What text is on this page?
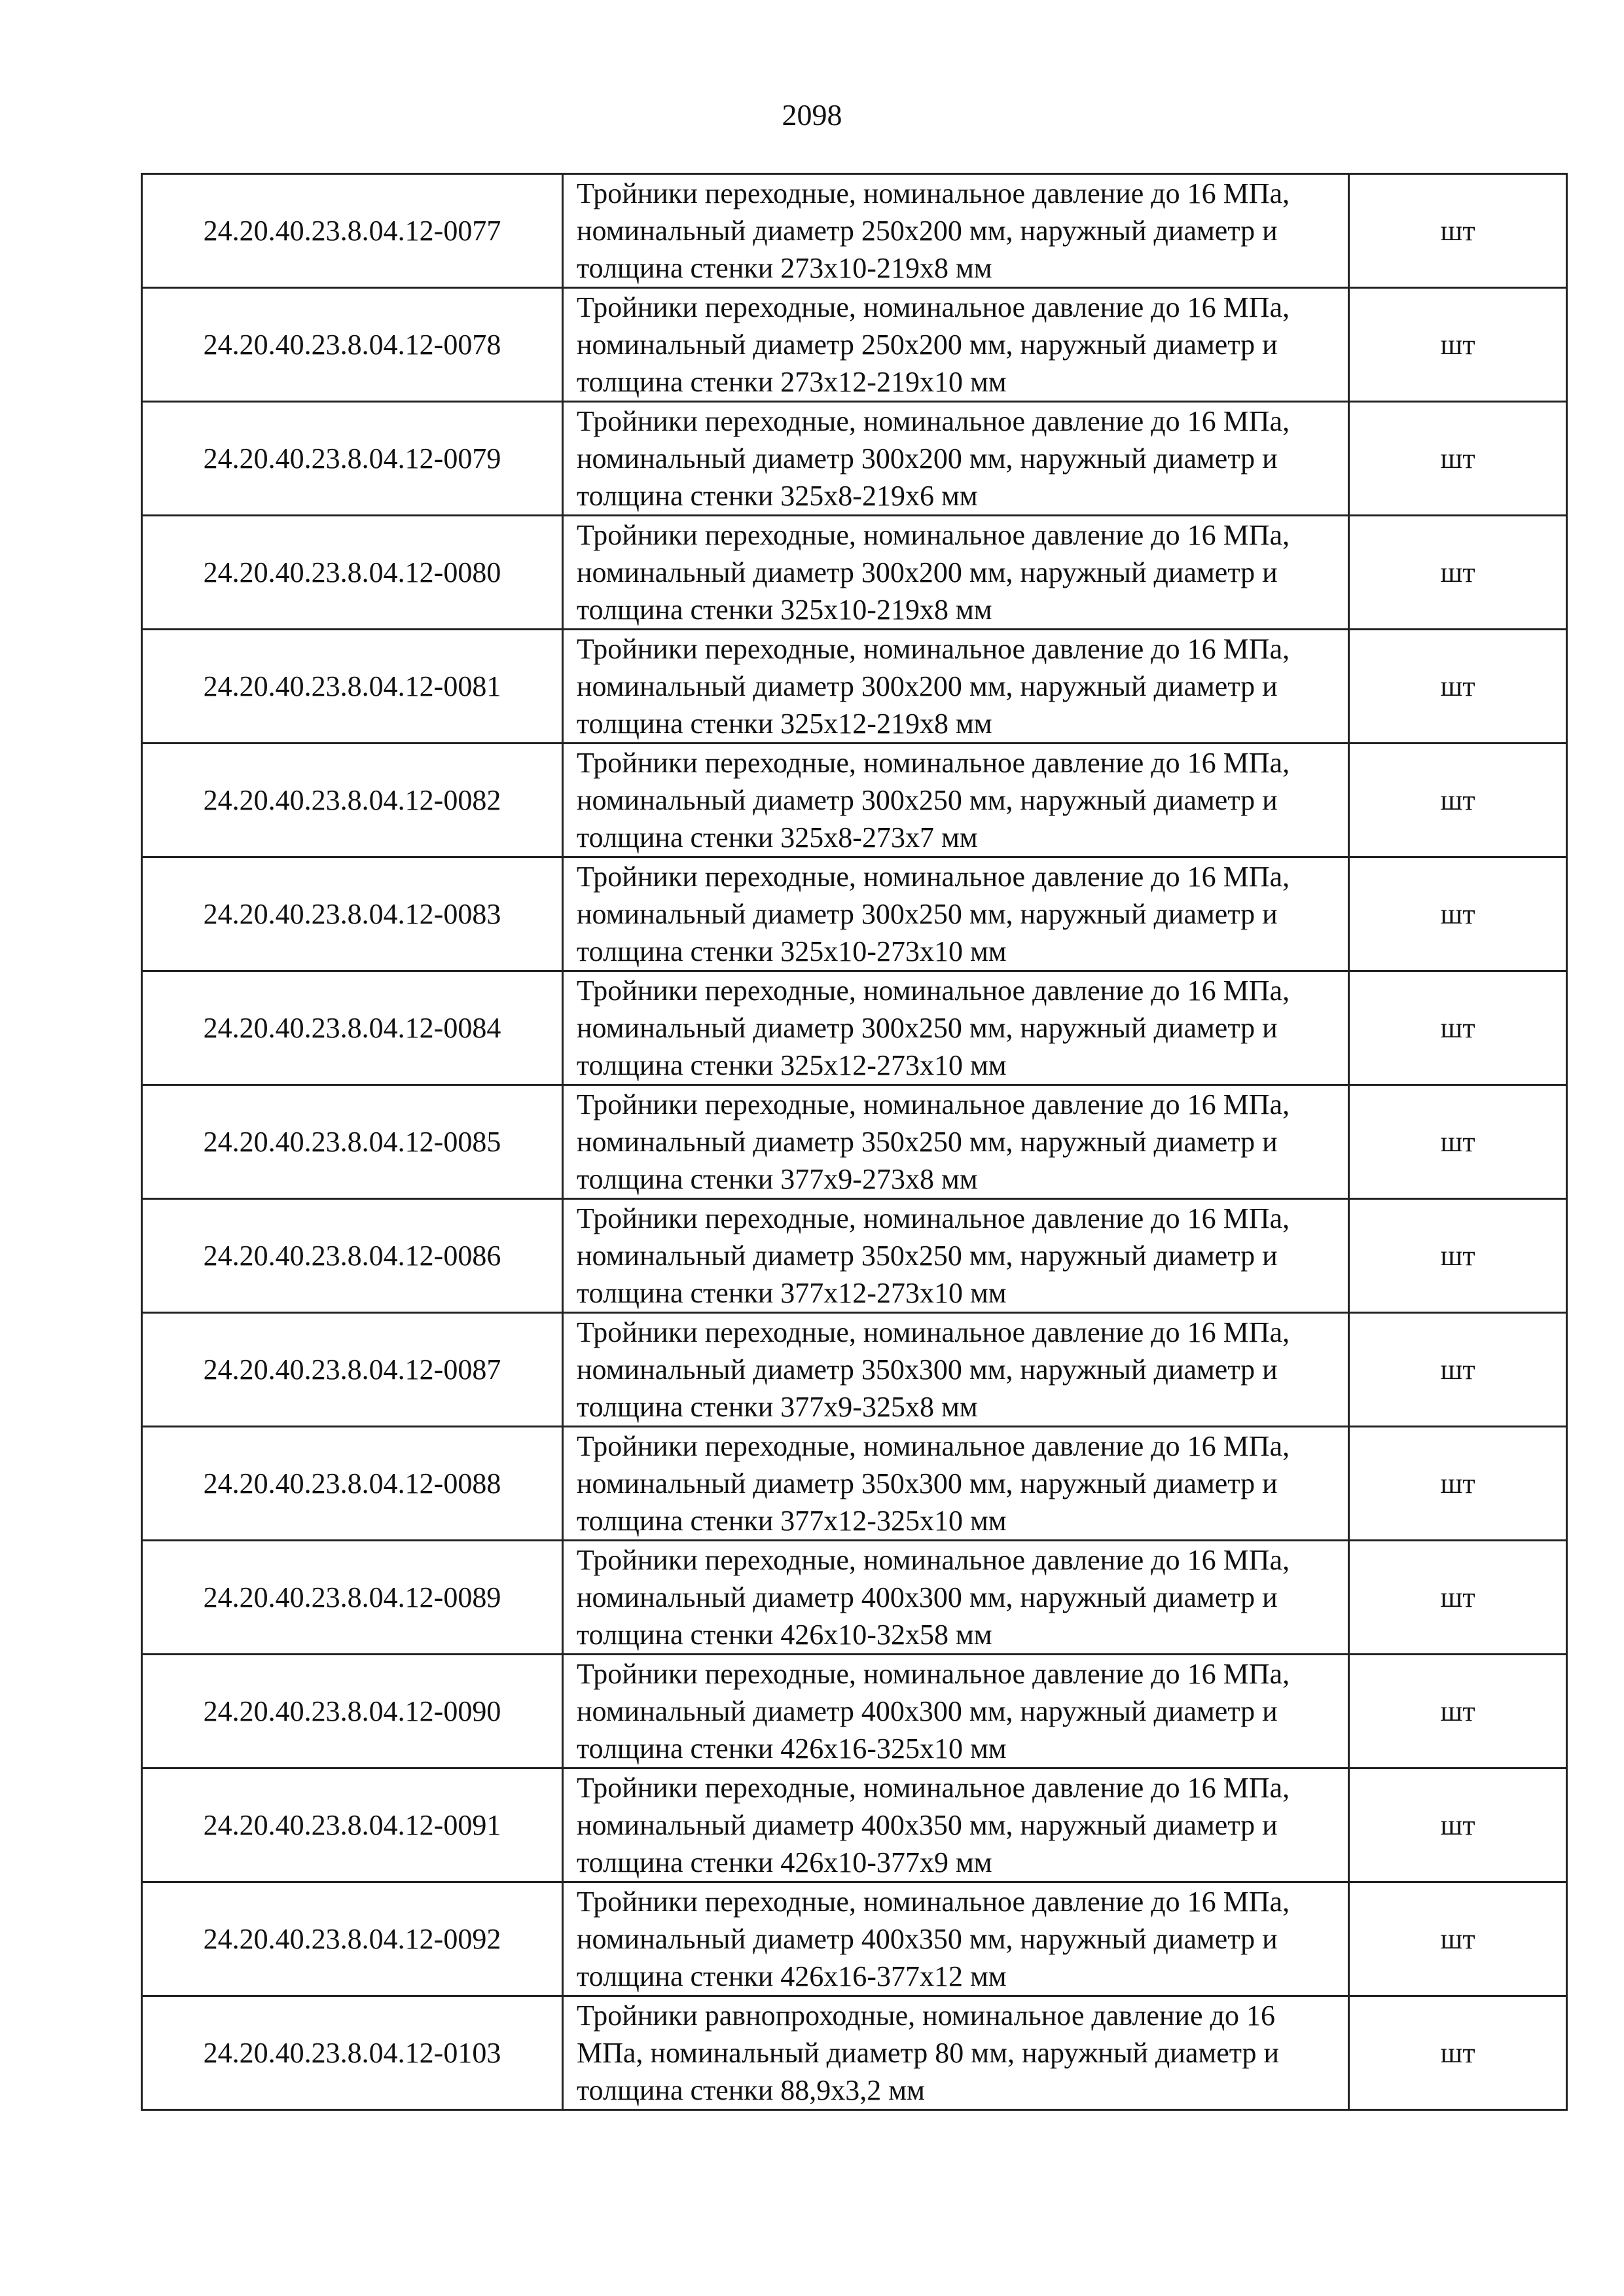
2098
24.20.40.23.8.04.12-0077	Тройники переходные, номинальное давление до 16 МПа, номинальный диаметр 250х200 мм, наружный диаметр и толщина стенки 273х10-219х8 мм	шт
24.20.40.23.8.04.12-0078	Тройники переходные, номинальное давление до 16 МПа, номинальный диаметр 250х200 мм, наружный диаметр и толщина стенки 273х12-219х10 мм	шт
24.20.40.23.8.04.12-0079	Тройники переходные, номинальное давление до 16 МПа, номинальный диаметр 300х200 мм, наружный диаметр и толщина стенки 325х8-219х6 мм	шт
24.20.40.23.8.04.12-0080	Тройники переходные, номинальное давление до 16 МПа, номинальный диаметр 300х200 мм, наружный диаметр и толщина стенки 325х10-219х8 мм	шт
24.20.40.23.8.04.12-0081	Тройники переходные, номинальное давление до 16 МПа, номинальный диаметр 300х200 мм, наружный диаметр и толщина стенки 325х12-219х8 мм	шт
24.20.40.23.8.04.12-0082	Тройники переходные, номинальное давление до 16 МПа, номинальный диаметр 300х250 мм, наружный диаметр и толщина стенки 325х8-273х7 мм	шт
24.20.40.23.8.04.12-0083	Тройники переходные, номинальное давление до 16 МПа, номинальный диаметр 300х250 мм, наружный диаметр и толщина стенки 325х10-273х10 мм	шт
24.20.40.23.8.04.12-0084	Тройники переходные, номинальное давление до 16 МПа, номинальный диаметр 300х250 мм, наружный диаметр и толщина стенки 325х12-273х10 мм	шт
24.20.40.23.8.04.12-0085	Тройники переходные, номинальное давление до 16 МПа, номинальный диаметр 350х250 мм, наружный диаметр и толщина стенки 377х9-273х8 мм	шт
24.20.40.23.8.04.12-0086	Тройники переходные, номинальное давление до 16 МПа, номинальный диаметр 350х250 мм, наружный диаметр и толщина стенки 377х12-273х10 мм	шт
24.20.40.23.8.04.12-0087	Тройники переходные, номинальное давление до 16 МПа, номинальный диаметр 350х300 мм, наружный диаметр и толщина стенки 377х9-325х8 мм	шт
24.20.40.23.8.04.12-0088	Тройники переходные, номинальное давление до 16 МПа, номинальный диаметр 350х300 мм, наружный диаметр и толщина стенки 377х12-325х10 мм	шт
24.20.40.23.8.04.12-0089	Тройники переходные, номинальное давление до 16 МПа, номинальный диаметр 400х300 мм, наружный диаметр и толщина стенки 426х10-32х58 мм	шт
24.20.40.23.8.04.12-0090	Тройники переходные, номинальное давление до 16 МПа, номинальный диаметр 400х300 мм, наружный диаметр и толщина стенки 426х16-325х10 мм	шт
24.20.40.23.8.04.12-0091	Тройники переходные, номинальное давление до 16 МПа, номинальный диаметр 400х350 мм, наружный диаметр и толщина стенки 426х10-377х9 мм	шт
24.20.40.23.8.04.12-0092	Тройники переходные, номинальное давление до 16 МПа, номинальный диаметр 400х350 мм, наружный диаметр и толщина стенки 426х16-377х12 мм	шт
24.20.40.23.8.04.12-0103	Тройники равнопроходные, номинальное давление до 16 МПа, номинальный диаметр 80 мм, наружный диаметр и толщина стенки 88,9х3,2 мм	шт
